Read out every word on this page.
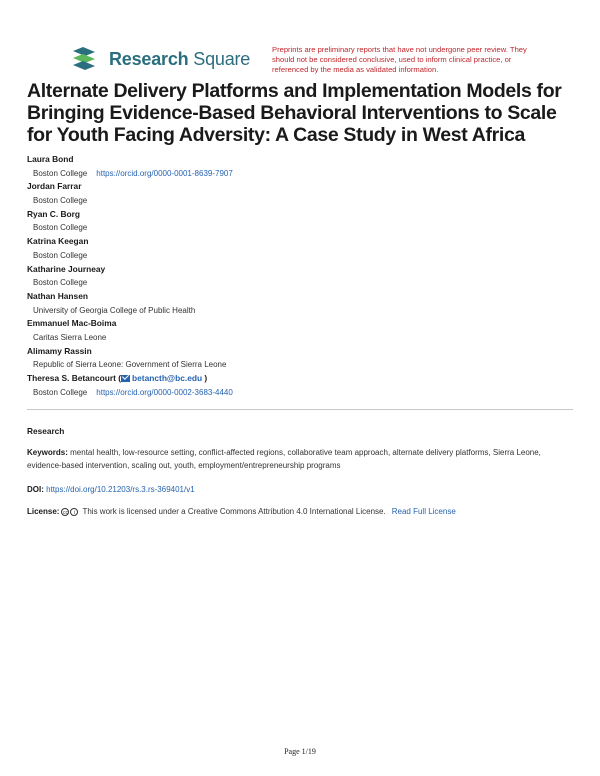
Research Square	Preprints are preliminary reports that have not undergone peer review. They should not be considered conclusive, used to inform clinical practice, or referenced by the media as validated information.
Alternate Delivery Platforms and Implementation Models for Bringing Evidence-Based Behavioral Interventions to Scale for Youth Facing Adversity: A Case Study in West Africa
Laura Bond
Boston College https://orcid.org/0000-0001-8639-7907
Jordan Farrar
Boston College
Ryan C. Borg
Boston College
Katrina Keegan
Boston College
Katharine Journeay
Boston College
Nathan Hansen
University of Georgia College of Public Health
Emmanuel Mac-Boima
Caritas Sierra Leone
Alimamy Rassin
Republic of Sierra Leone: Government of Sierra Leone
Theresa S. Betancourt ( betancth@bc.edu )
Boston College https://orcid.org/0000-0002-3683-4440
Research
Keywords: mental health, low-resource setting, conflict-affected regions, collaborative team approach, alternate delivery platforms, Sierra Leone, evidence-based intervention, scaling out, youth, employment/entrepreneurship programs
DOI: https://doi.org/10.21203/rs.3.rs-369401/v1
License: cc	i This work is licensed under a Creative Commons Attribution 4.0 International License. Read Full License
Page 1/19
